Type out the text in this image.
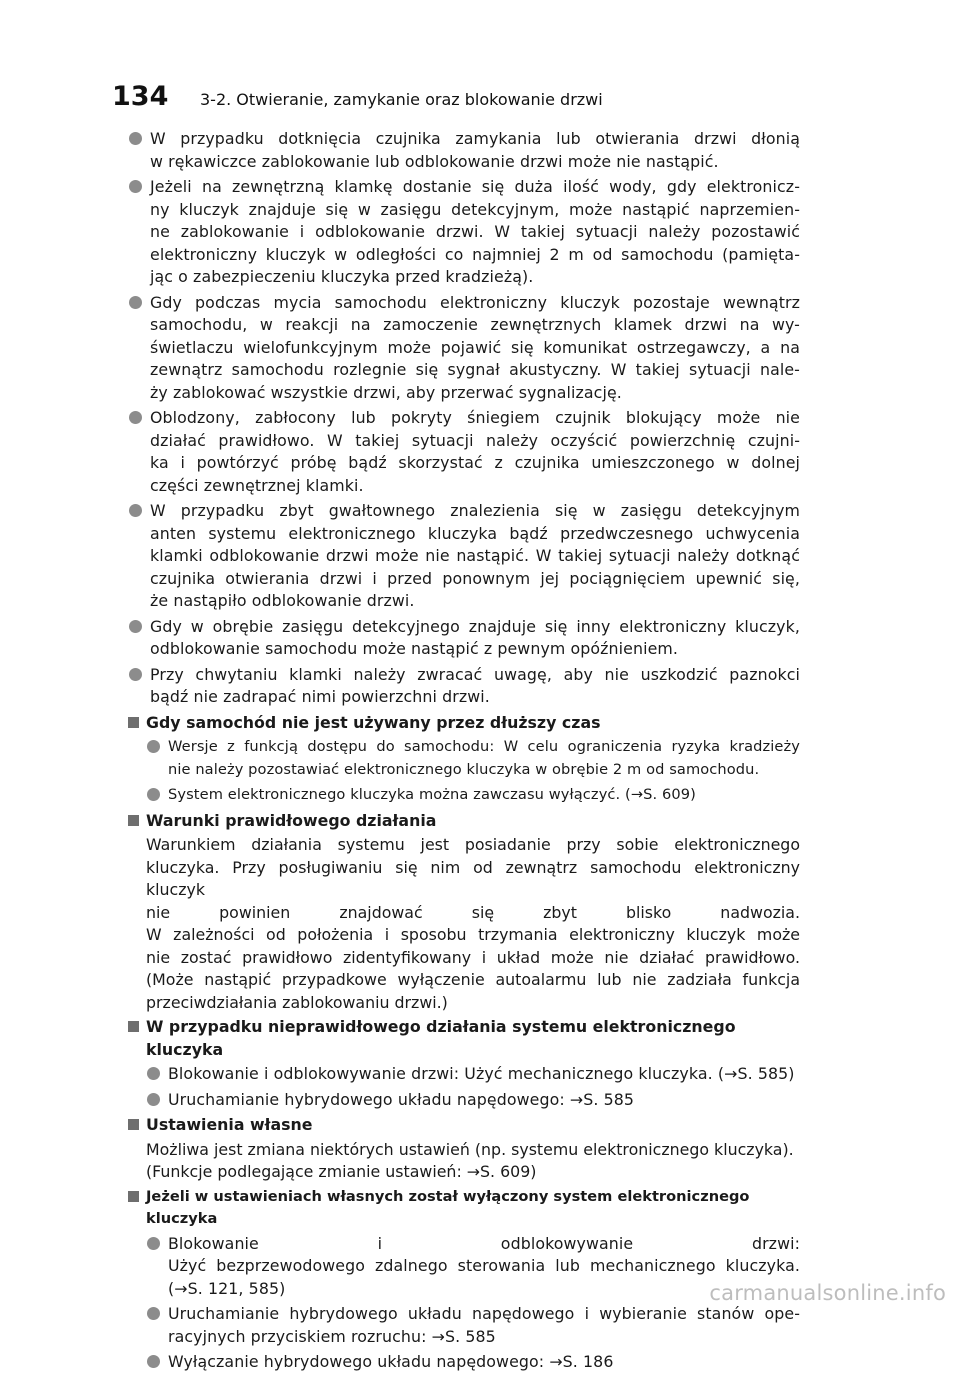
134 3-2. Otwieranie, zamykanie oraz blokowanie drzwi
W przypadku dotknięcia czujnika zamykania lub otwierania drzwi dłonią
w rękawiczce zablokowanie lub odblokowanie drzwi może nie nastąpić.
Jeżeli na zewnętrzną klamkę dostanie się duża ilość wody, gdy elektronicz-
ny kluczyk znajduje się w zasięgu detekcyjnym, może nastąpić naprzemien-
ne zablokowanie i odblokowanie drzwi. W takiej sytuacji należy pozostawić
elektroniczny kluczyk w odległości co najmniej 2 m od samochodu (pamięta-
jąc o zabezpieczeniu kluczyka przed kradzieżą).
Gdy podczas mycia samochodu elektroniczny kluczyk pozostaje wewnątrz
samochodu, w reakcji na zamoczenie zewnętrznych klamek drzwi na wy-
świetlaczu wielofunkcyjnym może pojawić się komunikat ostrzegawczy, a na
zewnątrz samochodu rozlegnie się sygnał akustyczny. W takiej sytuacji nale-
ży zablokować wszystkie drzwi, aby przerwać sygnalizację.
Oblodzony, zabłocony lub pokryty śniegiem czujnik blokujący może nie
działać prawidłowo. W takiej sytuacji należy oczyścić powierzchnię czujni-
ka i powtórzyć próbę bądź skorzystać z czujnika umieszczonego w dolnej
części zewnętrznej klamki.
W przypadku zbyt gwałtownego znalezienia się w zasięgu detekcyjnym
anten systemu elektronicznego kluczyka bądź przedwczesnego uchwycenia
klamki odblokowanie drzwi może nie nastąpić. W takiej sytuacji należy dotknąć
czujnika otwierania drzwi i przed ponownym jej pociągnięciem upewnić się,
że nastąpiło odblokowanie drzwi.
Gdy w obrębie zasięgu detekcyjnego znajduje się inny elektroniczny kluczyk,
odblokowanie samochodu może nastąpić z pewnym opóźnieniem.
Przy chwytaniu klamki należy zwracać uwagę, aby nie uszkodzić paznokci
bądź nie zadrapać nimi powierzchni drzwi.

Gdy samochód nie jest używany przez dłuższy czas

Wersje z funkcją dostępu do samochodu: W celu ograniczenia ryzyka kradzieży
nie należy pozostawiać elektronicznego kluczyka w obrębie 2 m od samochodu.
System elektronicznego kluczyka można zawczasu wyłączyć. (→S. 609)

Warunki prawidłowego działania

Warunkiem działania systemu jest posiadanie przy sobie elektronicznego
kluczyka. Przy posługiwaniu się nim od zewnątrz samochodu elektroniczny kluczyk
nie powinien znajdować się zbyt blisko nadwozia.
W zależności od położenia i sposobu trzymania elektroniczny kluczyk może
nie zostać prawidłowo zidentyfikowany i układ może nie działać prawidłowo.
(Może nastąpić przypadkowe wyłączenie autoalarmu lub nie zadziała funkcja
przeciwdziałania zablokowaniu drzwi.)

W przypadku nieprawidłowego działania systemu elektronicznego kluczyka

Blokowanie i odblokowywanie drzwi: Użyć mechanicznego kluczyka. (→S. 585)
Uruchamianie hybrydowego układu napędowego: →S. 585

Ustawienia własne

Możliwa jest zmiana niektórych ustawień (np. systemu elektronicznego kluczyka).
(Funkcje podlegające zmianie ustawień: →S. 609)

Jeżeli w ustawieniach własnych został wyłączony system elektronicznego kluczyka

Blokowanie i odblokowywanie drzwi:
Użyć bezprzewodowego zdalnego sterowania lub mechanicznego kluczyka.
(→S. 121, 585)
Uruchamianie hybrydowego układu napędowego i wybieranie stanów ope-
racyjnych przyciskiem rozruchu: →S. 585
Wyłączanie hybrydowego układu napędowego: →S. 186
carmanualsonline.info
